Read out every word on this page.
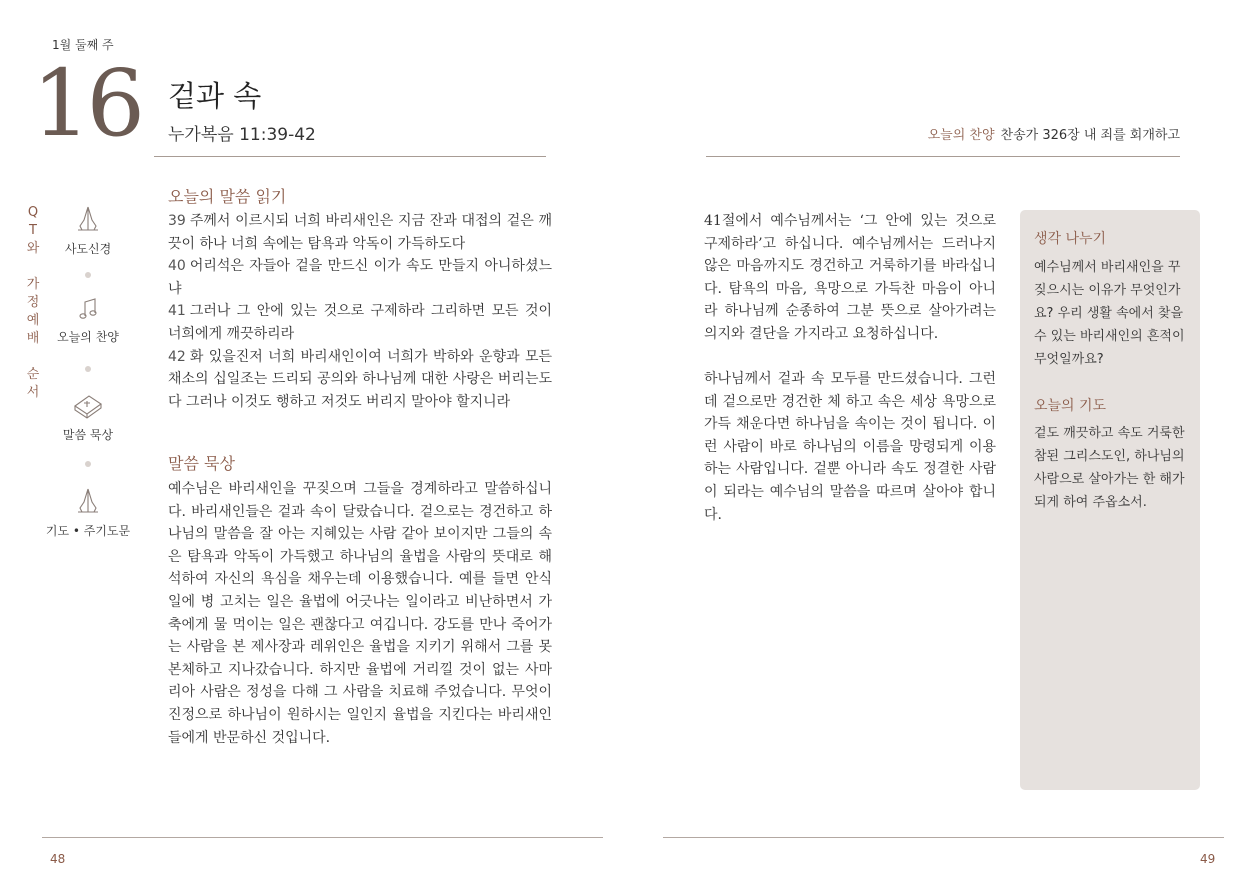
1월 둘째 주
16 겉과 속
누가복음 11:39-42	오늘의 찬양 찬송가 326장 내 죄를 회개하고
Q
T
와
가
정
예
배
순
서
사도신경
오늘의 찬양
말씀 묵상
기도 • 주기도문
오늘의 말씀 읽기
39 주께서 이르시되 너희 바리새인은 지금 잔과 대접의 겉은 깨끗이 하나 너희 속에는 탐욕과 악독이 가득하도다
40 어리석은 자들아 겉을 만드신 이가 속도 만들지 아니하셨느냐
41 그러나 그 안에 있는 것으로 구제하라 그리하면 모든 것이 너희에게 깨끗하리라
42 화 있을진저 너희 바리새인이여 너희가 박하와 운향과 모든 채소의 십일조는 드리되 공의와 하나님께 대한 사랑은 버리는도다 그러나 이것도 행하고 저것도 버리지 말아야 할지니라
말씀 묵상
예수님은 바리새인을 꾸짖으며 그들을 경계하라고 말씀하십니다. 바리새인들은 겉과 속이 달랐습니다. 겉으로는 경건하고 하나님의 말씀을 잘 아는 지혜있는 사람 같아 보이지만 그들의 속은 탐욕과 악독이 가득했고 하나님의 율법을 사람의 뜻대로 해석하여 자신의 욕심을 채우는데 이용했습니다. 예를 들면 안식일에 병 고치는 일은 율법에 어긋나는 일이라고 비난하면서 가축에게 물 먹이는 일은 괜찮다고 여깁니다. 강도를 만나 죽어가는 사람을 본 제사장과 레위인은 율법을 지키기 위해서 그를 못 본체하고 지나갔습니다. 하지만 율법에 거리낄 것이 없는 사마리아 사람은 정성을 다해 그 사람을 치료해 주었습니다. 무엇이 진정으로 하나님이 원하시는 일인지 율법을 지킨다는 바리새인들에게 반문하신 것입니다.
41절에서 예수님께서는 ‘그 안에 있는 것으로 구제하라’고 하십니다. 예수님께서는 드러나지 않은 마음까지도 경건하고 거룩하기를 바라십니다. 탐욕의 마음, 욕망으로 가득찬 마음이 아니라 하나님께 순종하여 그분 뜻으로 살아가려는 의지와 결단을 가지라고 요청하십니다.
하나님께서 겉과 속 모두를 만드셨습니다. 그런데 겉으로만 경건한 체 하고 속은 세상 욕망으로 가득 채운다면 하나님을 속이는 것이 됩니다. 이런 사람이 바로 하나님의 이름을 망령되게 이용하는 사람입니다. 겉뿐 아니라 속도 정결한 사람이 되라는 예수님의 말씀을 따르며 살아야 합니다.
생각 나누기
예수님께서 바리새인을 꾸짖으시는 이유가 무엇인가요? 우리 생활 속에서 찾을 수 있는 바리새인의 흔적이 무엇일까요?
오늘의 기도
겉도 깨끗하고 속도 거룩한 참된 그리스도인, 하나님의 사람으로 살아가는 한 해가 되게 하여 주옵소서.
48	49
